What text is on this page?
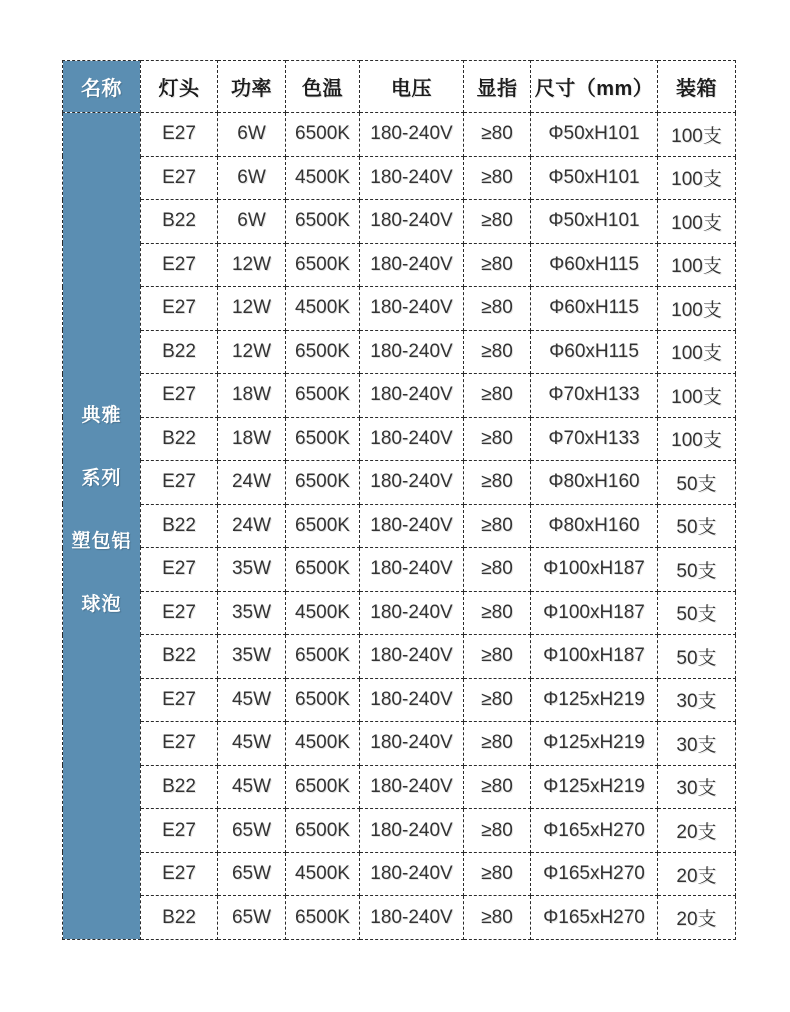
名称	灯头	功率	色温	电压	显指	尺寸（mm）	装箱

典雅
系列
塑包铝
球泡	E27	6W	6500K	180-240V	≥80	Φ50xH101	100支
	E27	6W	4500K	180-240V	≥80	Φ50xH101	100支
	B22	6W	6500K	180-240V	≥80	Φ50xH101	100支
	E27	12W	6500K	180-240V	≥80	Φ60xH115	100支
	E27	12W	4500K	180-240V	≥80	Φ60xH115	100支
	B22	12W	6500K	180-240V	≥80	Φ60xH115	100支
	E27	18W	6500K	180-240V	≥80	Φ70xH133	100支
	B22	18W	6500K	180-240V	≥80	Φ70xH133	100支
	E27	24W	6500K	180-240V	≥80	Φ80xH160	50支
	B22	24W	6500K	180-240V	≥80	Φ80xH160	50支
	E27	35W	6500K	180-240V	≥80	Φ100xH187	50支
	E27	35W	4500K	180-240V	≥80	Φ100xH187	50支
	B22	35W	6500K	180-240V	≥80	Φ100xH187	50支
	E27	45W	6500K	180-240V	≥80	Φ125xH219	30支
	E27	45W	4500K	180-240V	≥80	Φ125xH219	30支
	B22	45W	6500K	180-240V	≥80	Φ125xH219	30支
	E27	65W	6500K	180-240V	≥80	Φ165xH270	20支
	E27	65W	4500K	180-240V	≥80	Φ165xH270	20支
	B22	65W	6500K	180-240V	≥80	Φ165xH270	20支
